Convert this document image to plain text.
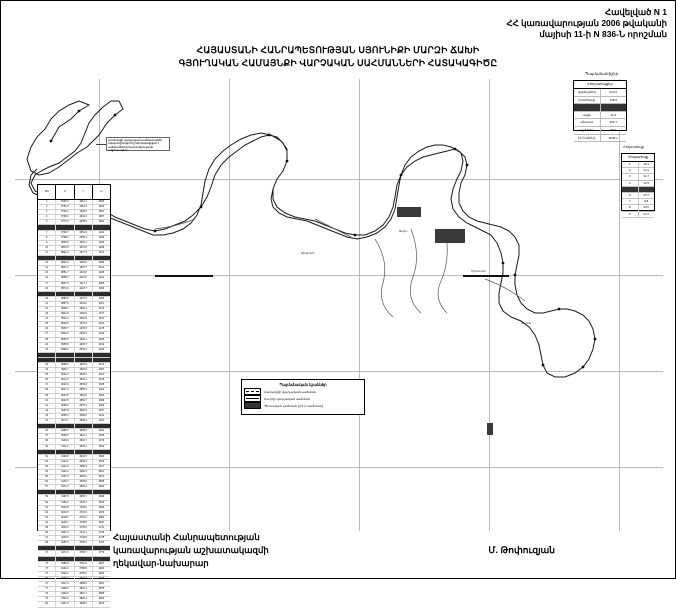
Հավելված N 1
ՀՀ կառավարության 2006 թվականի
մայիսի 11-ի N 836-Ն որոշման
ՀԱՅԱՍՏԱՆԻ ՀԱՆՐԱՊԵՏՈՒԹՅԱՆ ՍՅՈՒՆԻՔԻ ՄԱՐԶԻ ՃԱԽԻ
ԳՅՈՒՂԱԿԱՆ ՀԱՄԱՅՆՔԻ ՎԱՐՉԱԿԱՆ ՍԱՀՄԱՆՆԵՐԻ ՀԱՏԱԿԱԳԻԾԸ
Ճախ
Որոտան
Սիսիան
Տաթև
Համայնքի վարչական սահմանագծի նկարագրությունը ներկայացված է սահմանների նկարագրության աղյուսակում
NN	X	Y	H
1	8745.2	4312.7	1820
2	8751.8	4318.4	1834
3	8760.1	4325.0	1851
4	8768.6	4331.2	1867
5	8775.4	4338.9	1882
6	8783.0	4344.5	1895
7	8790.7	4351.8	1911
8	8798.2	4358.4	1926
9	8805.9	4364.1	1940
10	8813.5	4370.8	1958
11	8821.2	4377.3	1972
12	8828.8	4383.9	1985
13	8836.4	4390.6	1999
14	8844.1	4397.2	2014
15	8851.7	4403.8	2028
16	8859.3	4410.5	2041
17	8867.0	4417.1	2055
18	8874.6	4423.7	2069
19	8882.2	4430.4	2082
20	8889.9	4437.0	2096
21	8897.5	4443.6	2110
22	8905.1	4450.3	2123
23	8912.8	4456.9	2137
24	8920.4	4463.5	2151
25	8928.0	4470.2	2164
26	8935.7	4476.8	2178
27	8943.3	4483.4	2192
28	8950.9	4490.1	2205
29	8958.6	4496.7	2219
30	8966.2	4503.3	2233
31	8973.8	4510.0	2246
32	8981.5	4516.6	2260
33	8989.1	4523.2	2274
34	8996.7	4529.9	2287
35	9004.4	4536.5	2301
36	9012.0	4543.1	2315
37	9019.6	4549.8	2328
38	9027.3	4556.4	2342
39	9034.9	4563.0	2356
40	9042.5	4569.7	2369
41	9050.2	4576.3	2383
42	9057.8	4582.9	2397
43	9065.4	4589.6	2410
44	9073.1	4596.2	2424
45	9080.7	4602.8	2438
46	9088.3	4609.5	2451
47	9096.0	4616.1	2465
48	9103.6	4622.7	2479
49	9111.2	4629.4	2492
50	9118.9	4636.0	2506
51	9126.5	4642.6	2520
52	9134.1	4649.3	2533
53	9141.8	4655.9	2547
54	9149.4	4662.5	2561
55	9157.0	4669.2	2574
56	9164.7	4675.8	2588
57	9172.3	4682.4	2602
58	9179.9	4689.1	2615
59	9187.6	4695.7	2629
60	9195.2	4702.3	2643
61	9202.8	4709.0	2656
62	9210.5	4715.6	2670
63	9218.1	4722.2	2684
64	9225.7	4728.9	2697
65	9233.4	4735.5	2711
66	9241.0	4742.1	2725
67	9248.6	4748.8	2738
68	9256.3	4755.4	2752
69	9263.9	4762.0	2766
70	9271.5	4768.7	2779
71	9279.2	4775.3	2793
72	9286.8	4781.9	2807
73	9294.4	4788.6	2820
74	9302.1	4795.2	2834
75	9309.7	4801.8	2848
76	9317.3	4808.5	2861
77	9325.0	4815.1	2875
78	9332.6	4821.7	2889
79	9340.2	4828.4	2902
80	9347.9	4835.0	2916
Պայմանանիշեր
Հողատեսքեր
վարելահող	214.5
խոտհարք	138.2
արոտ	1852.0
այգի	12.4
անտառ	326.7
այլ հողեր	95.3
ԸՆԴԱՄԵՆԸ	2639.1
Հողատեսք
Հողատեսք
1	18.4
2	24.1
3	31.7
4	12.9
5	44.6
6	57.2
7	9.8
8	63.5
9	21.0
Պայմանական նշաններ
Համայնքի վարչական սահման
Մարզի վարչական սահման
Պետական սահման (ՀՀ-ի սահման)
Հայաստանի Հանրապետության
կառավարության աշխատակազմի
ղեկավար-նախարար
Մ. Թոփուզյան
